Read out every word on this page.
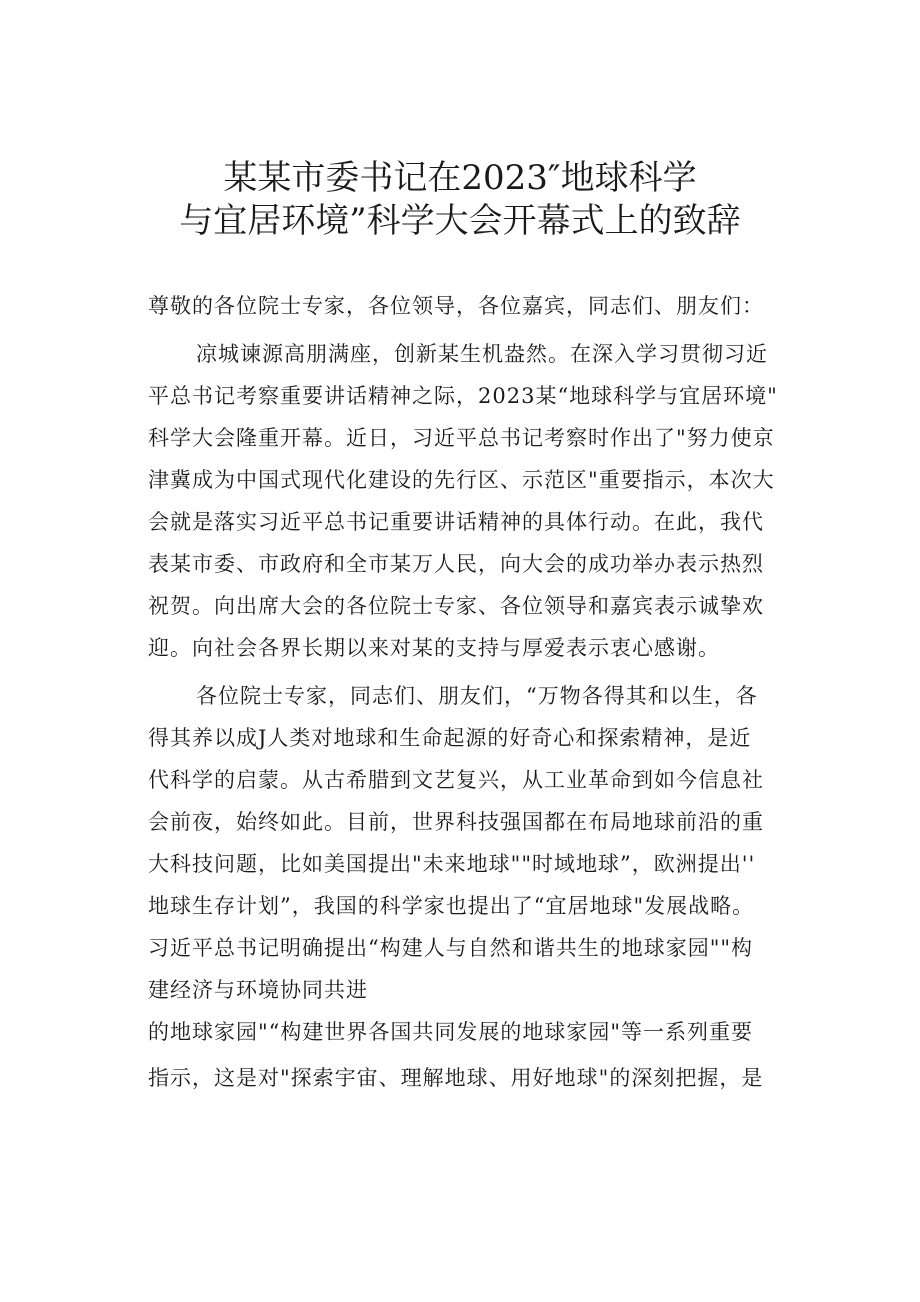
某某市委书记在2023″地球科学
与宜居环境”科学大会开幕式上的致辞
尊敬的各位院士专家，各位领导，各位嘉宾，同志们、朋友们：
凉城谏源高朋满座，创新某生机盎然。在深入学习贯彻习近
平总书记考察重要讲话精神之际，2023某“地球科学与宜居环境"
科学大会隆重开幕。近日，习近平总书记考察时作出了"努力使京
津冀成为中国式现代化建设的先行区、示范区"重要指示，本次大
会就是落实习近平总书记重要讲话精神的具体行动。在此，我代
表某市委、市政府和全市某万人民，向大会的成功举办表示热烈
祝贺。向出席大会的各位院士专家、各位领导和嘉宾表示诚挚欢
迎。向社会各界长期以来对某的支持与厚爱表示衷心感谢。
各位院士专家，同志们、朋友们，“万物各得其和以生，各
得其养以成J人类对地球和生命起源的好奇心和探索精神，是近
代科学的启蒙。从古希腊到文艺复兴，从工业革命到如今信息社
会前夜，始终如此。目前，世界科技强国都在布局地球前沿的重
大科技问题，比如美国提出"未来地球""时域地球”，欧洲提出''
地球生存计划”，我国的科学家也提出了“宜居地球"发展战略。
习近平总书记明确提出“构建人与自然和谐共生的地球家园""构
建经济与环境协同共进
的地球家园"“构建世界各国共同发展的地球家园"等一系列重要
指示，这是对"探索宇宙、理解地球、用好地球"的深刻把握，是
